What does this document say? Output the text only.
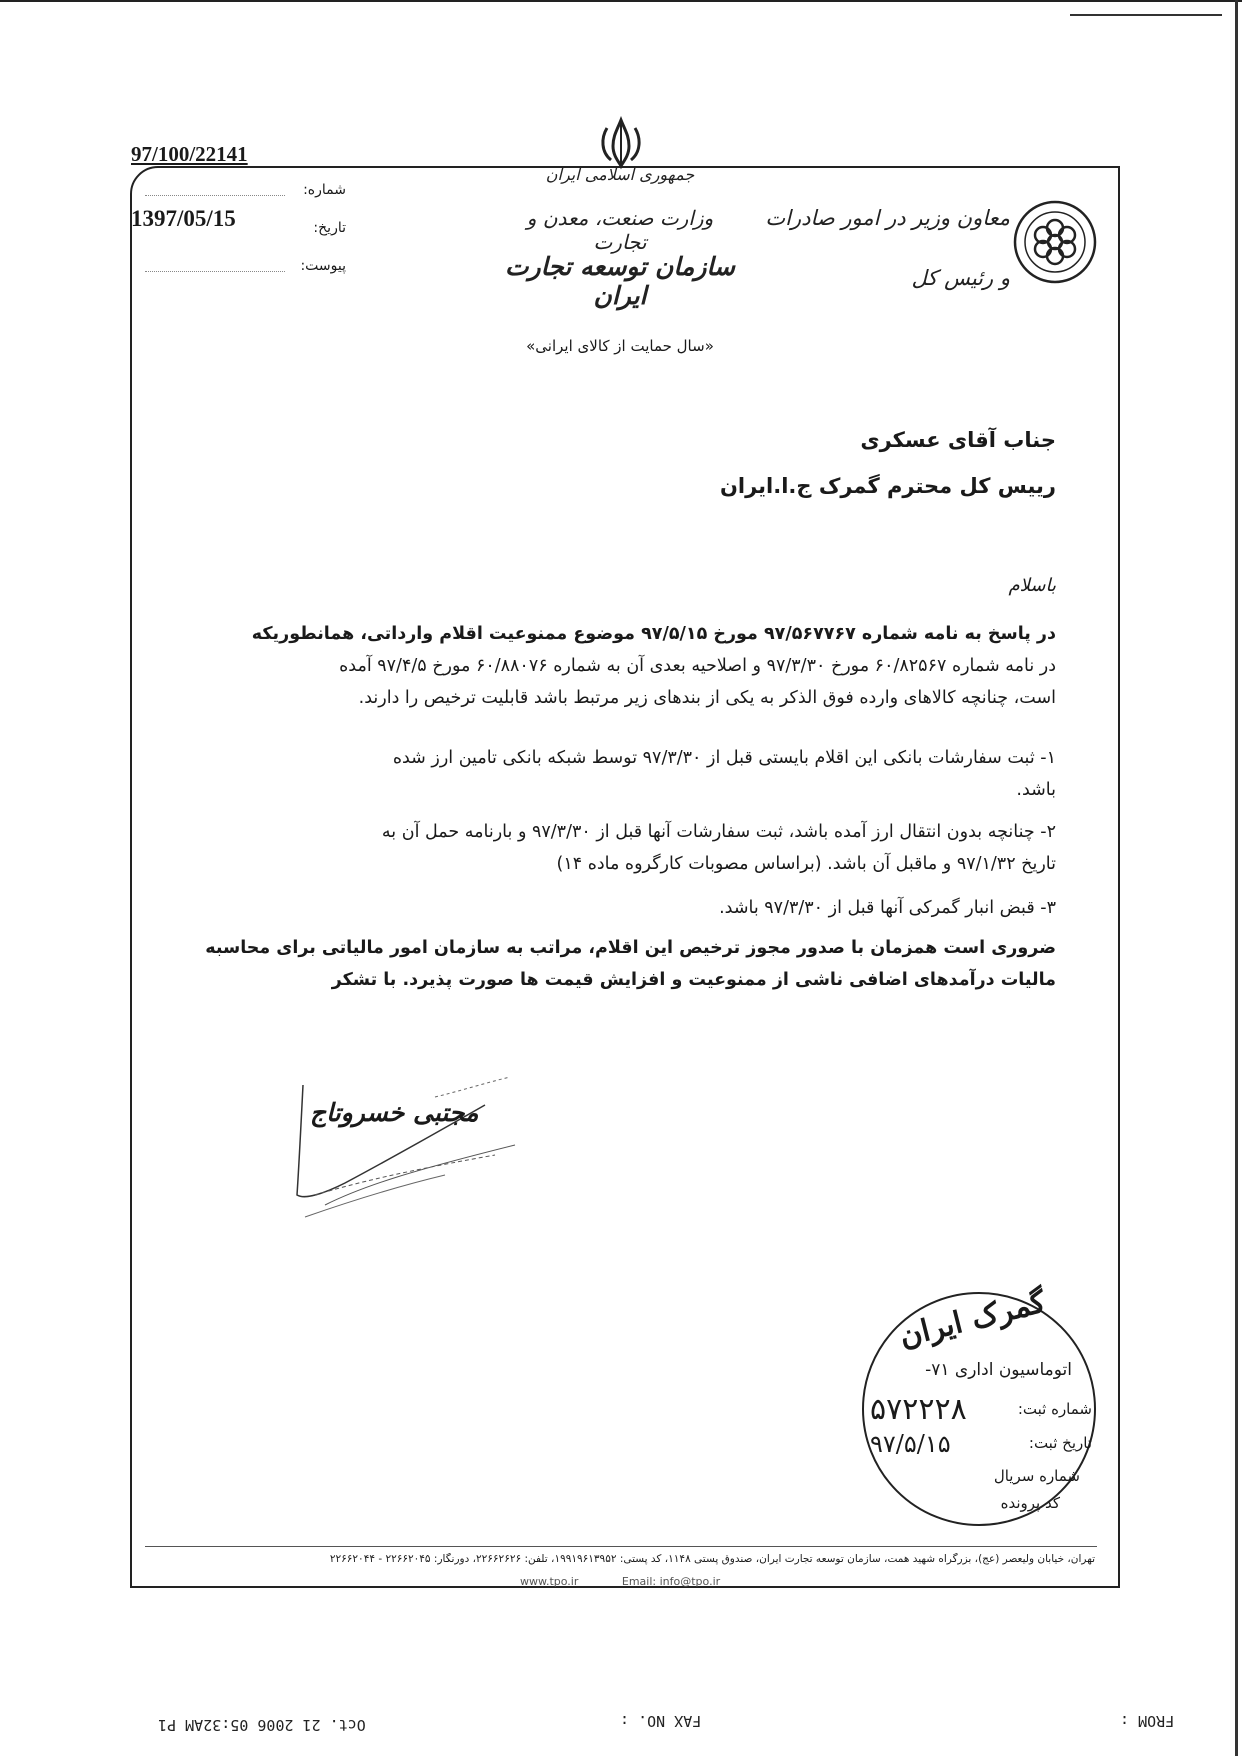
97/100/22141
1397/05/15
شماره:
تاریخ:
پیوست:
جمهوری اسلامی ایران
وزارت صنعت، معدن و تجارت
سازمان توسعه تجارت ایران
معاون وزیر در امور صادرات
و رئیس کل
«سال حمایت از کالای ایرانی»
جناب آقای عسکری
رییس کل محترم گمرک ج.ا.ایران
باسلام
در پاسخ به نامه شماره ۹۷/۵۶۷۷۶۷ مورخ ۹۷/۵/۱۵ موضوع ممنوعیت اقلام وارداتی، همانطوریکه
در نامه شماره ۶۰/۸۲۵۶۷ مورخ ۹۷/۳/۳۰ و اصلاحیه بعدی آن به شماره ۶۰/۸۸۰۷۶ مورخ ۹۷/۴/۵ آمده
است، چنانچه کالاهای وارده فوق الذکر به یکی از بندهای زیر مرتبط باشد قابلیت ترخیص را دارند.
۱- ثبت سفارشات بانکی این اقلام بایستی قبل از ۹۷/۳/۳۰ توسط شبکه بانکی تامین ارز شده
باشد.
۲- چنانچه بدون انتقال ارز آمده باشد، ثبت سفارشات آنها قبل از ۹۷/۳/۳۰ و بارنامه حمل آن به
تاریخ ۹۷/۱/۳۲ و ماقبل آن باشد. (براساس مصوبات کارگروه ماده ۱۴)
۳- قبض انبار گمرکی آنها قبل از ۹۷/۳/۳۰ باشد.
ضروری است همزمان با صدور مجوز ترخیص این اقلام، مراتب به سازمان امور مالیاتی برای محاسبه
مالیات درآمدهای اضافی ناشی از ممنوعیت و افزایش قیمت ها صورت پذیرد. با تشکر
مجتبی خسروتاج
گمرک ایران
اتوماسیون اداری ۷۱-
شماره ثبت:
۵۷۲۲۲۸
تاریخ ثبت:
۹۷/۵/۱۵
شماره سریال
کد پرونده
تهران، خیابان ولیعصر (عج)، بزرگراه شهید همت، سازمان توسعه تجارت ایران، صندوق پستی ۱۱۴۸، کد پستی: ۱۹۹۱۹۶۱۳۹۵۲، تلفن: ۲۲۶۶۲۶۲۶، دورنگار: ۲۲۶۶۲۰۴۵ - ۲۲۶۶۲۰۴۴
www.tpo.ir	Email: info@tpo.ir
FROM :
FAX NO. :
Oct. 21 2006 05:32AM P1
